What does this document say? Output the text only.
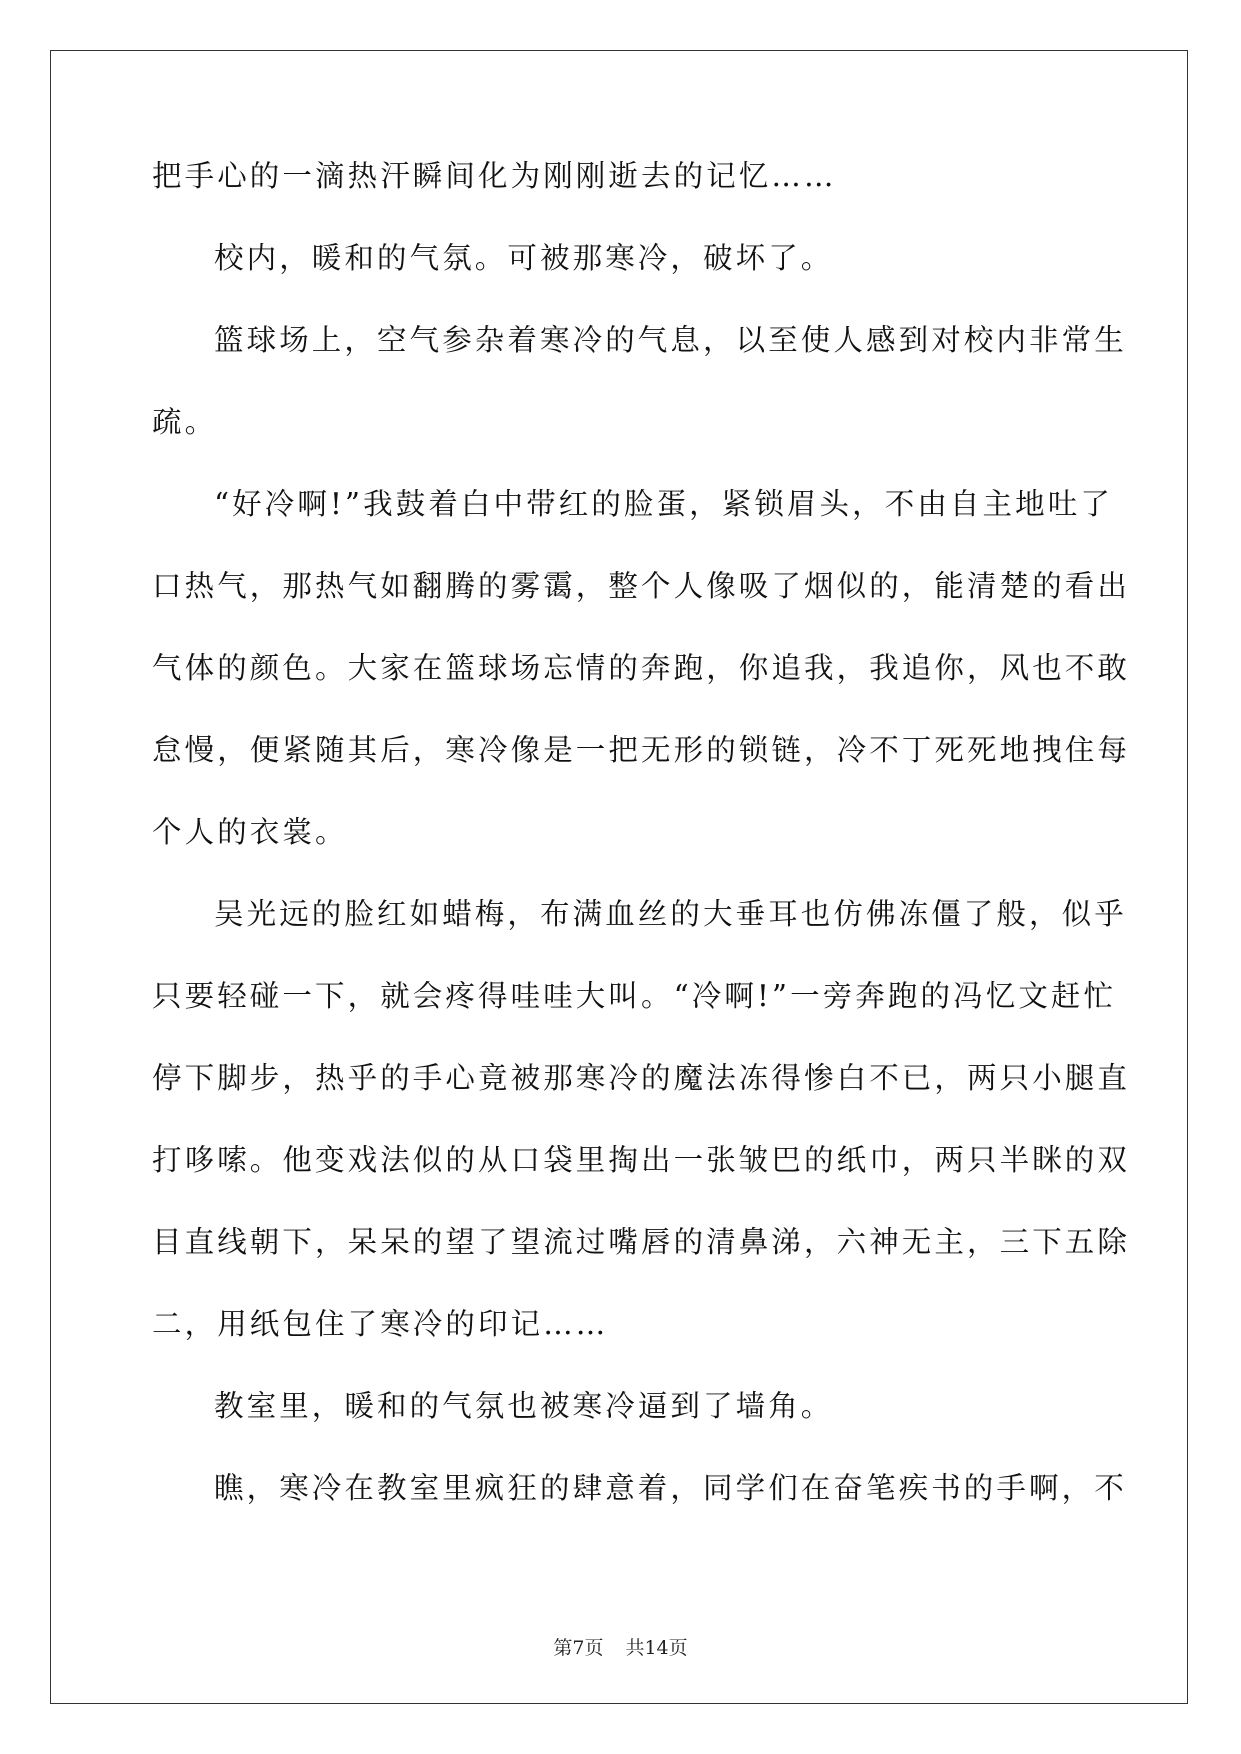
把手心的一滴热汗瞬间化为刚刚逝去的记忆……
校内，暖和的气氛。可被那寒冷，破坏了。
篮球场上，空气参杂着寒冷的气息，以至使人感到对校内非常生
疏。
“好冷啊!”我鼓着白中带红的脸蛋，紧锁眉头，不由自主地吐了
口热气，那热气如翻腾的雾霭，整个人像吸了烟似的，能清楚的看出
气体的颜色。大家在篮球场忘情的奔跑，你追我，我追你，风也不敢
怠慢，便紧随其后，寒冷像是一把无形的锁链，冷不丁死死地拽住每
个人的衣裳。
吴光远的脸红如蜡梅，布满血丝的大垂耳也仿佛冻僵了般，似乎
只要轻碰一下，就会疼得哇哇大叫。“冷啊!”一旁奔跑的冯忆文赶忙
停下脚步，热乎的手心竟被那寒冷的魔法冻得惨白不已，两只小腿直
打哆嗦。他变戏法似的从口袋里掏出一张皱巴的纸巾，两只半眯的双
目直线朝下，呆呆的望了望流过嘴唇的清鼻涕，六神无主，三下五除
二，用纸包住了寒冷的印记……
教室里，暖和的气氛也被寒冷逼到了墙角。
瞧，寒冷在教室里疯狂的肆意着，同学们在奋笔疾书的手啊，不
第7页 共14页
